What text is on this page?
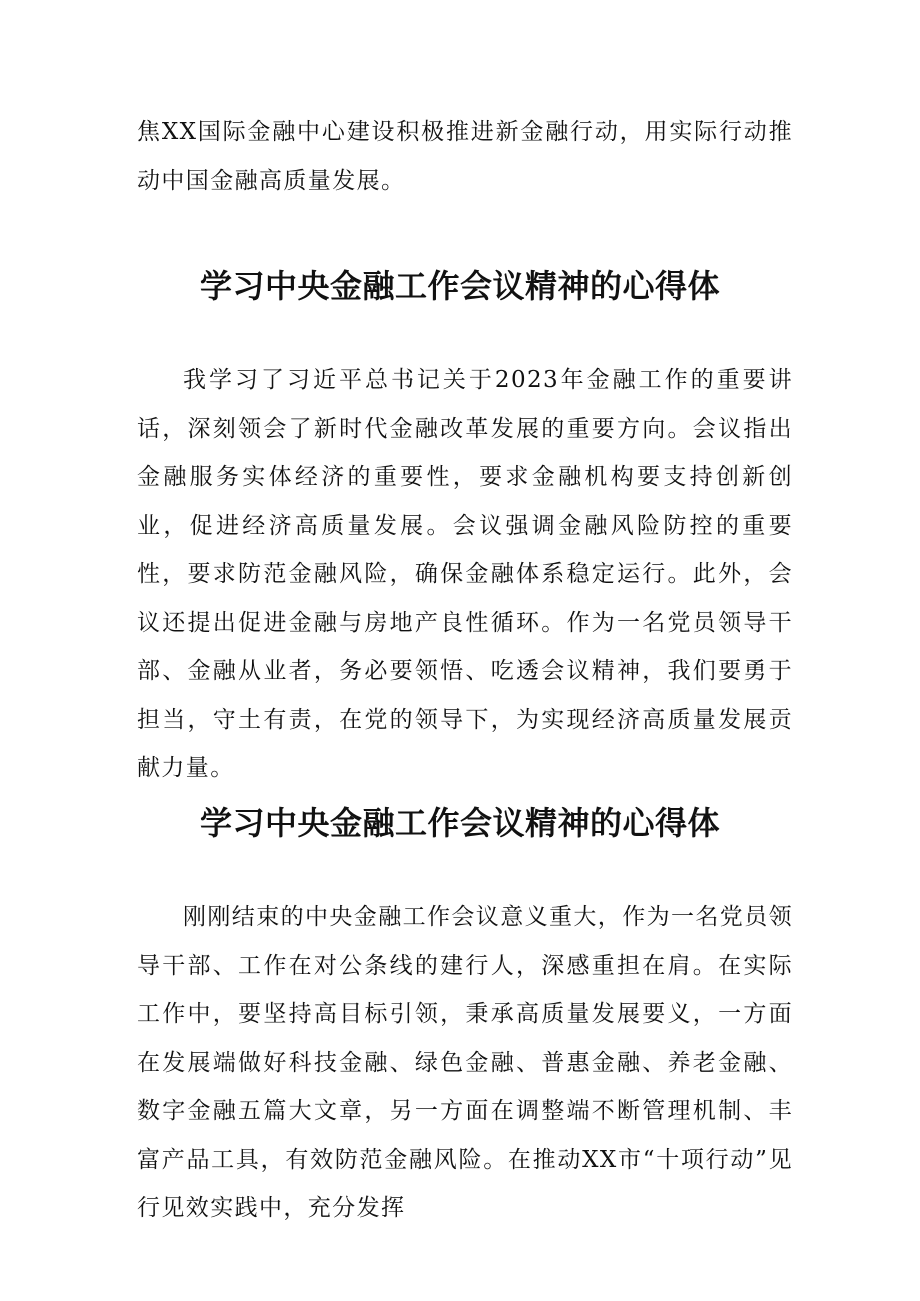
焦XX国际金融中心建设积极推进新金融行动，用实际行动推动中国金融高质量发展。

学习中央金融工作会议精神的心得体

我学习了习近平总书记关于2023年金融工作的重要讲话，深刻领会了新时代金融改革发展的重要方向。会议指出金融服务实体经济的重要性，要求金融机构要支持创新创业，促进经济高质量发展。会议强调金融风险防控的重要性，要求防范金融风险，确保金融体系稳定运行。此外，会议还提出促进金融与房地产良性循环。作为一名党员领导干部、金融从业者，务必要领悟、吃透会议精神，我们要勇于担当，守土有责，在党的领导下，为实现经济高质量发展贡献力量。

学习中央金融工作会议精神的心得体

刚刚结束的中央金融工作会议意义重大，作为一名党员领导干部、工作在对公条线的建行人，深感重担在肩。在实际工作中，要坚持高目标引领，秉承高质量发展要义，一方面在发展端做好科技金融、绿色金融、普惠金融、养老金融、数字金融五篇大文章，另一方面在调整端不断管理机制、丰富产品工具，有效防范金融风险。在推动XX市“十项行动”见行见效实践中，充分发挥
